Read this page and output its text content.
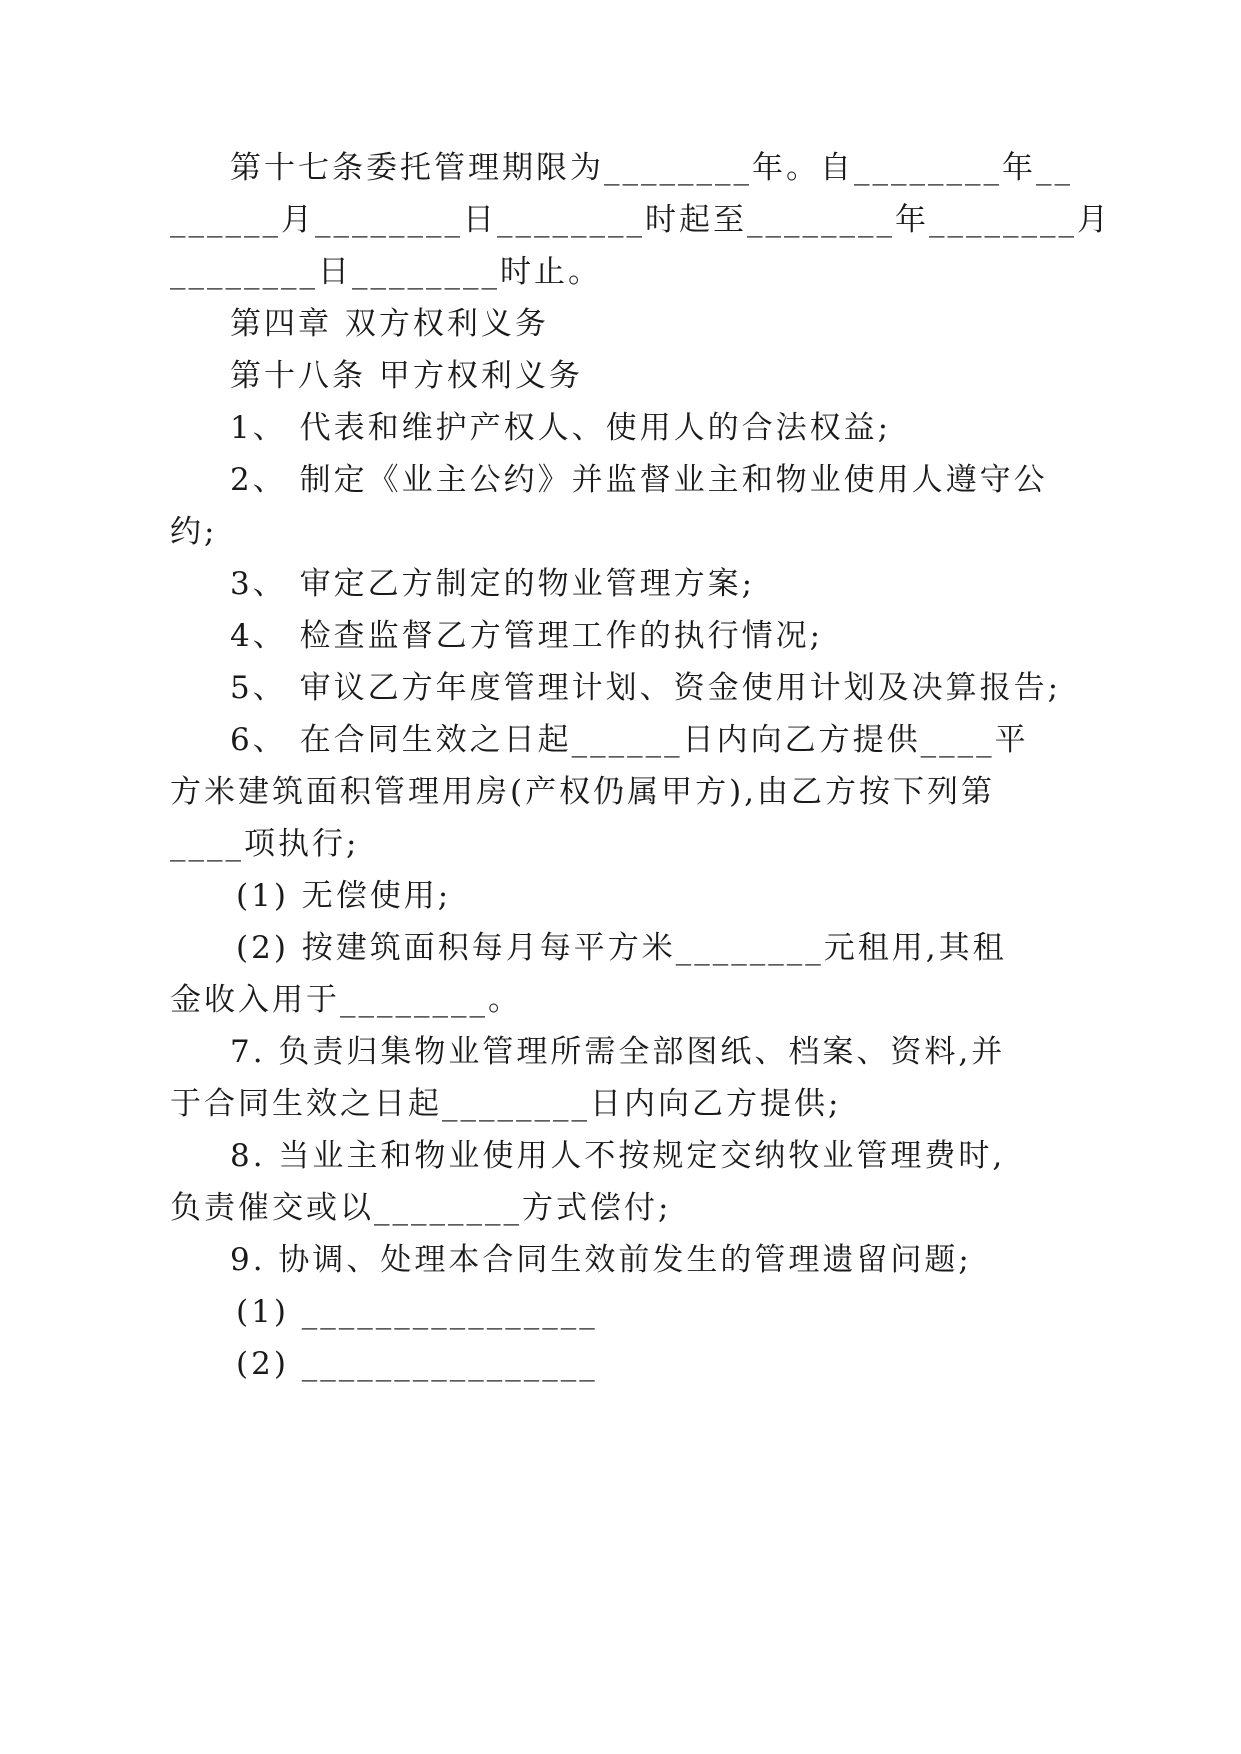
第十七条委托管理期限为________年。自________年__
______月________日________时起至________年________月
________日________时止。
第四章 双方权利义务
第十八条 甲方权利义务
1、 代表和维护产权人、使用人的合法权益;
2、 制定《业主公约》并监督业主和物业使用人遵守公
约;
3、 审定乙方制定的物业管理方案;
4、 检查监督乙方管理工作的执行情况;
5、 审议乙方年度管理计划、资金使用计划及决算报告;
6、 在合同生效之日起______日内向乙方提供____平
方米建筑面积管理用房(产权仍属甲方),由乙方按下列第
____项执行;
(1) 无偿使用;
(2) 按建筑面积每月每平方米________元租用,其租
金收入用于________。
7. 负责归集物业管理所需全部图纸、档案、资料,并
于合同生效之日起________日内向乙方提供;
8. 当业主和物业使用人不按规定交纳牧业管理费时,
负责催交或以________方式偿付;
9. 协调、处理本合同生效前发生的管理遗留问题;
(1) ________________
(2) ________________
